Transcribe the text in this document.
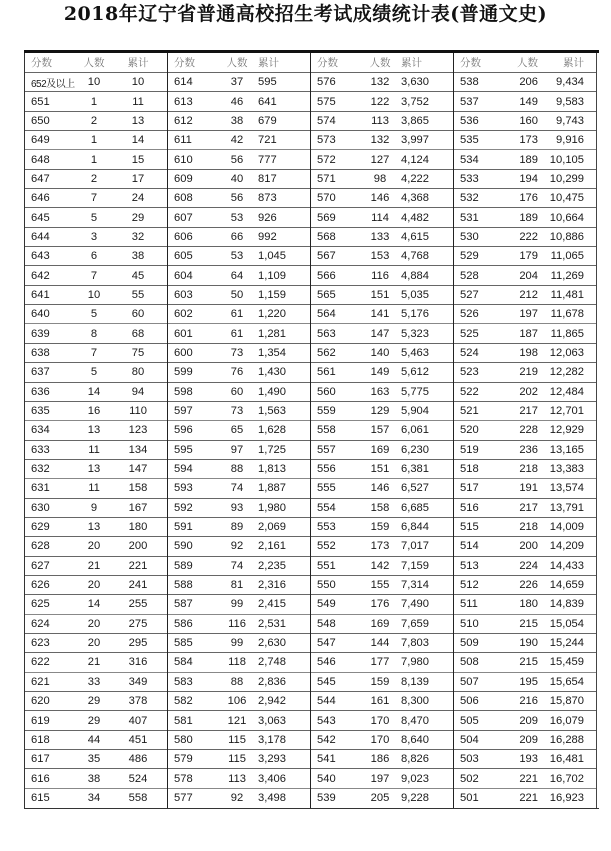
2018年辽宁省普通高校招生考试成绩统计表(普通文史)
分数	人数	累计
652及以上	10	10
651	1	11
650	2	13
649	1	14
648	1	15
647	2	17
646	7	24
645	5	29
644	3	32
643	6	38
642	7	45
641	10	55
640	5	60
639	8	68
638	7	75
637	5	80
636	14	94
635	16	110
634	13	123
633	11	134
632	13	147
631	11	158
630	9	167
629	13	180
628	20	200
627	21	221
626	20	241
625	14	255
624	20	275
623	20	295
622	21	316
621	33	349
620	29	378
619	29	407
618	44	451
617	35	486
616	38	524
615	34	558
分数	人数	累计
614	37	595
613	46	641
612	38	679
611	42	721
610	56	777
609	40	817
608	56	873
607	53	926
606	66	992
605	53	1,045
604	64	1,109
603	50	1,159
602	61	1,220
601	61	1,281
600	73	1,354
599	76	1,430
598	60	1,490
597	73	1,563
596	65	1,628
595	97	1,725
594	88	1,813
593	74	1,887
592	93	1,980
591	89	2,069
590	92	2,161
589	74	2,235
588	81	2,316
587	99	2,415
586	116	2,531
585	99	2,630
584	118	2,748
583	88	2,836
582	106	2,942
581	121	3,063
580	115	3,178
579	115	3,293
578	113	3,406
577	92	3,498
分数	人数	累计
576	132	3,630
575	122	3,752
574	113	3,865
573	132	3,997
572	127	4,124
571	98	4,222
570	146	4,368
569	114	4,482
568	133	4,615
567	153	4,768
566	116	4,884
565	151	5,035
564	141	5,176
563	147	5,323
562	140	5,463
561	149	5,612
560	163	5,775
559	129	5,904
558	157	6,061
557	169	6,230
556	151	6,381
555	146	6,527
554	158	6,685
553	159	6,844
552	173	7,017
551	142	7,159
550	155	7,314
549	176	7,490
548	169	7,659
547	144	7,803
546	177	7,980
545	159	8,139
544	161	8,300
543	170	8,470
542	170	8,640
541	186	8,826
540	197	9,023
539	205	9,228
分数	人数	累计
538	206	9,434
537	149	9,583
536	160	9,743
535	173	9,916
534	189	10,105
533	194	10,299
532	176	10,475
531	189	10,664
530	222	10,886
529	179	11,065
528	204	11,269
527	212	11,481
526	197	11,678
525	187	11,865
524	198	12,063
523	219	12,282
522	202	12,484
521	217	12,701
520	228	12,929
519	236	13,165
518	218	13,383
517	191	13,574
516	217	13,791
515	218	14,009
514	200	14,209
513	224	14,433
512	226	14,659
511	180	14,839
510	215	15,054
509	190	15,244
508	215	15,459
507	195	15,654
506	216	15,870
505	209	16,079
504	209	16,288
503	193	16,481
502	221	16,702
501	221	16,923
